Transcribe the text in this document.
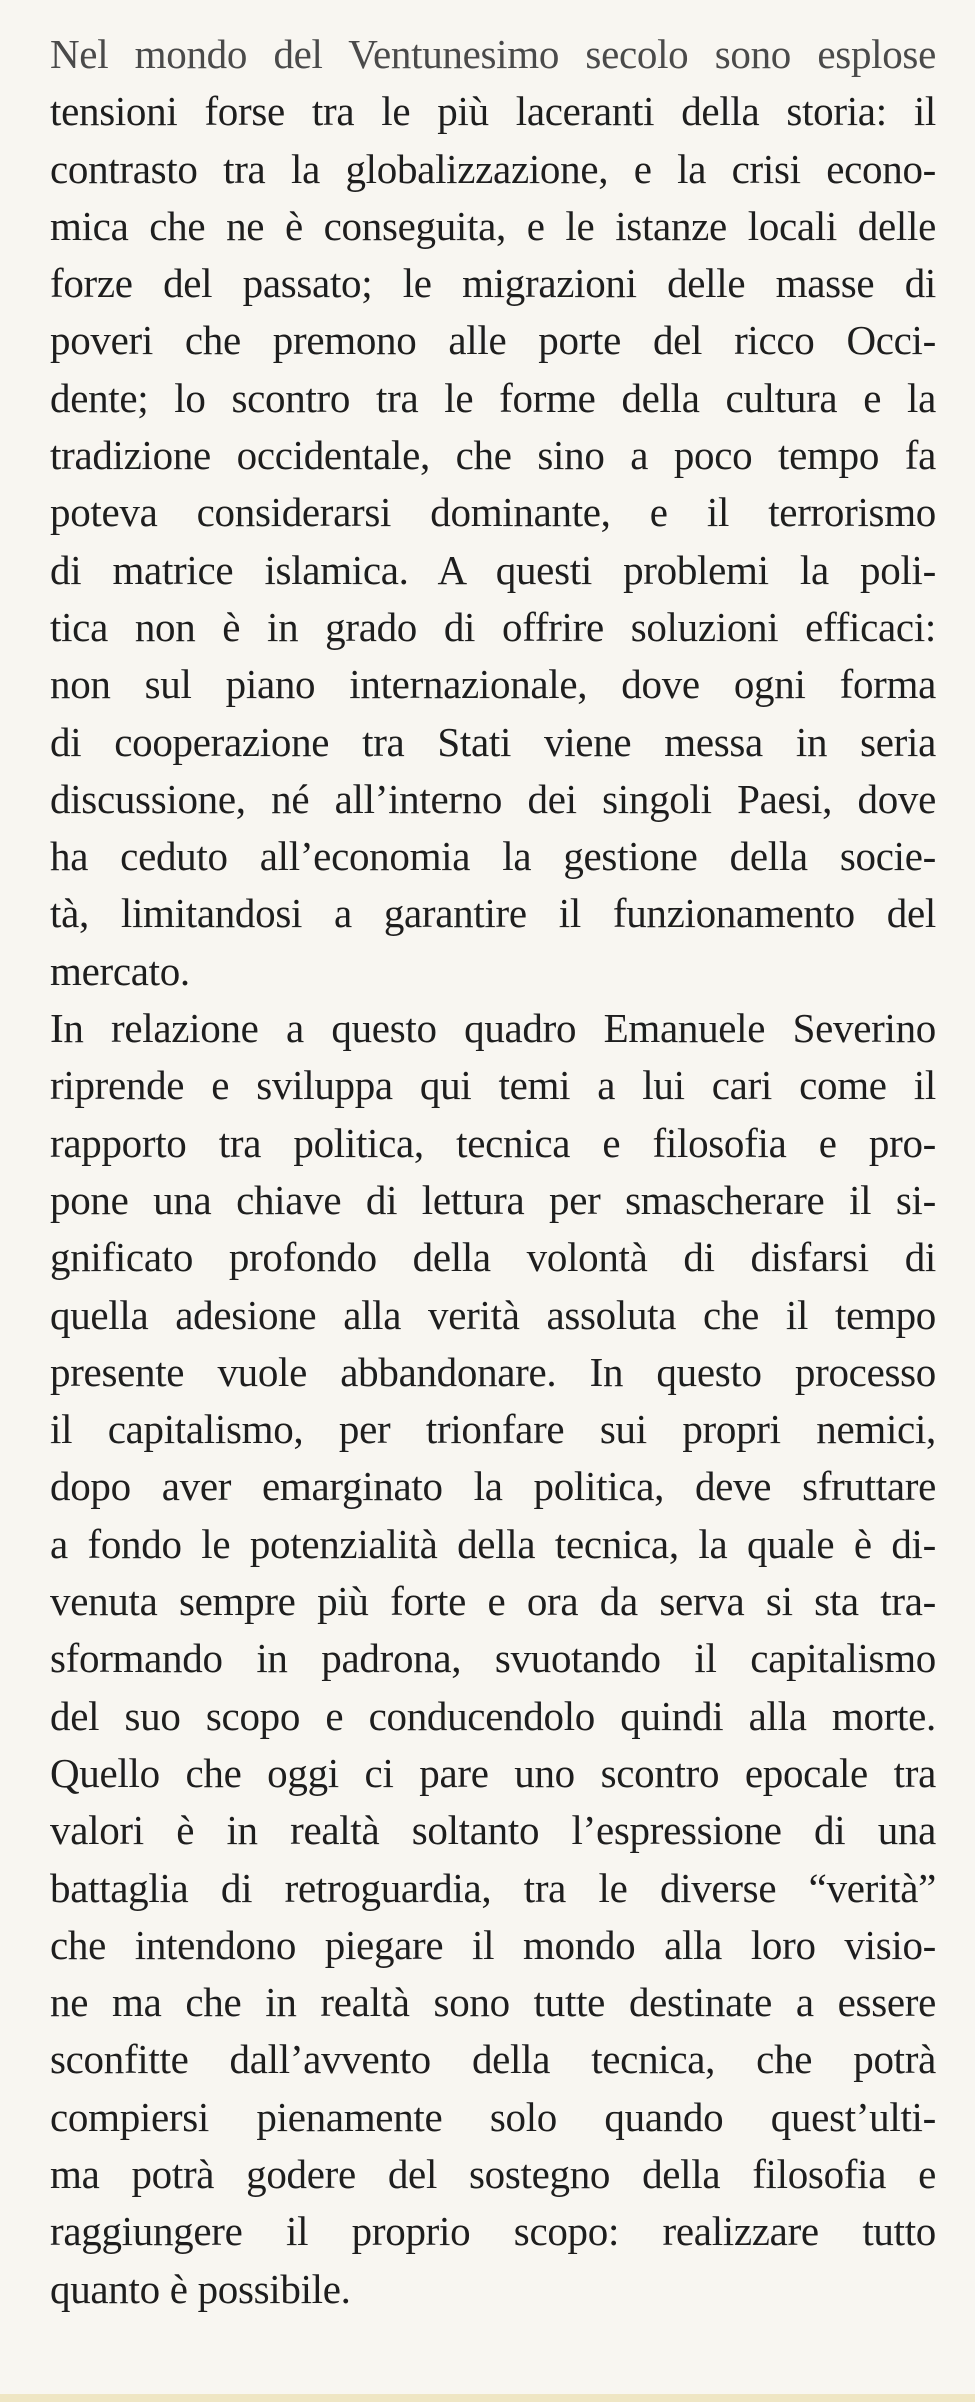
Nel mondo del Ventunesimo secolo sono esplose
tensioni forse tra le più laceranti della storia: il
contrasto tra la globalizzazione, e la crisi econo-
mica che ne è conseguita, e le istanze locali delle
forze del passato; le migrazioni delle masse di
poveri che premono alle porte del ricco Occi-
dente; lo scontro tra le forme della cultura e la
tradizione occidentale, che sino a poco tempo fa
poteva considerarsi dominante, e il terrorismo
di matrice islamica. A questi problemi la poli-
tica non è in grado di offrire soluzioni efficaci:
non sul piano internazionale, dove ogni forma
di cooperazione tra Stati viene messa in seria
discussione, né all’interno dei singoli Paesi, dove
ha ceduto all’economia la gestione della socie-
tà, limitandosi a garantire il funzionamento del
mercato.
In relazione a questo quadro Emanuele Severino
riprende e sviluppa qui temi a lui cari come il
rapporto tra politica, tecnica e filosofia e pro-
pone una chiave di lettura per smascherare il si-
gnificato profondo della volontà di disfarsi di
quella adesione alla verità assoluta che il tempo
presente vuole abbandonare. In questo processo
il capitalismo, per trionfare sui propri nemici,
dopo aver emarginato la politica, deve sfruttare
a fondo le potenzialità della tecnica, la quale è di-
venuta sempre più forte e ora da serva si sta tra-
sformando in padrona, svuotando il capitalismo
del suo scopo e conducendolo quindi alla morte.
Quello che oggi ci pare uno scontro epocale tra
valori è in realtà soltanto l’espressione di una
battaglia di retroguardia, tra le diverse “verità”
che intendono piegare il mondo alla loro visio-
ne ma che in realtà sono tutte destinate a essere
sconfitte dall’avvento della tecnica, che potrà
compiersi pienamente solo quando quest’ulti-
ma potrà godere del sostegno della filosofia e
raggiungere il proprio scopo: realizzare tutto
quanto è possibile.
